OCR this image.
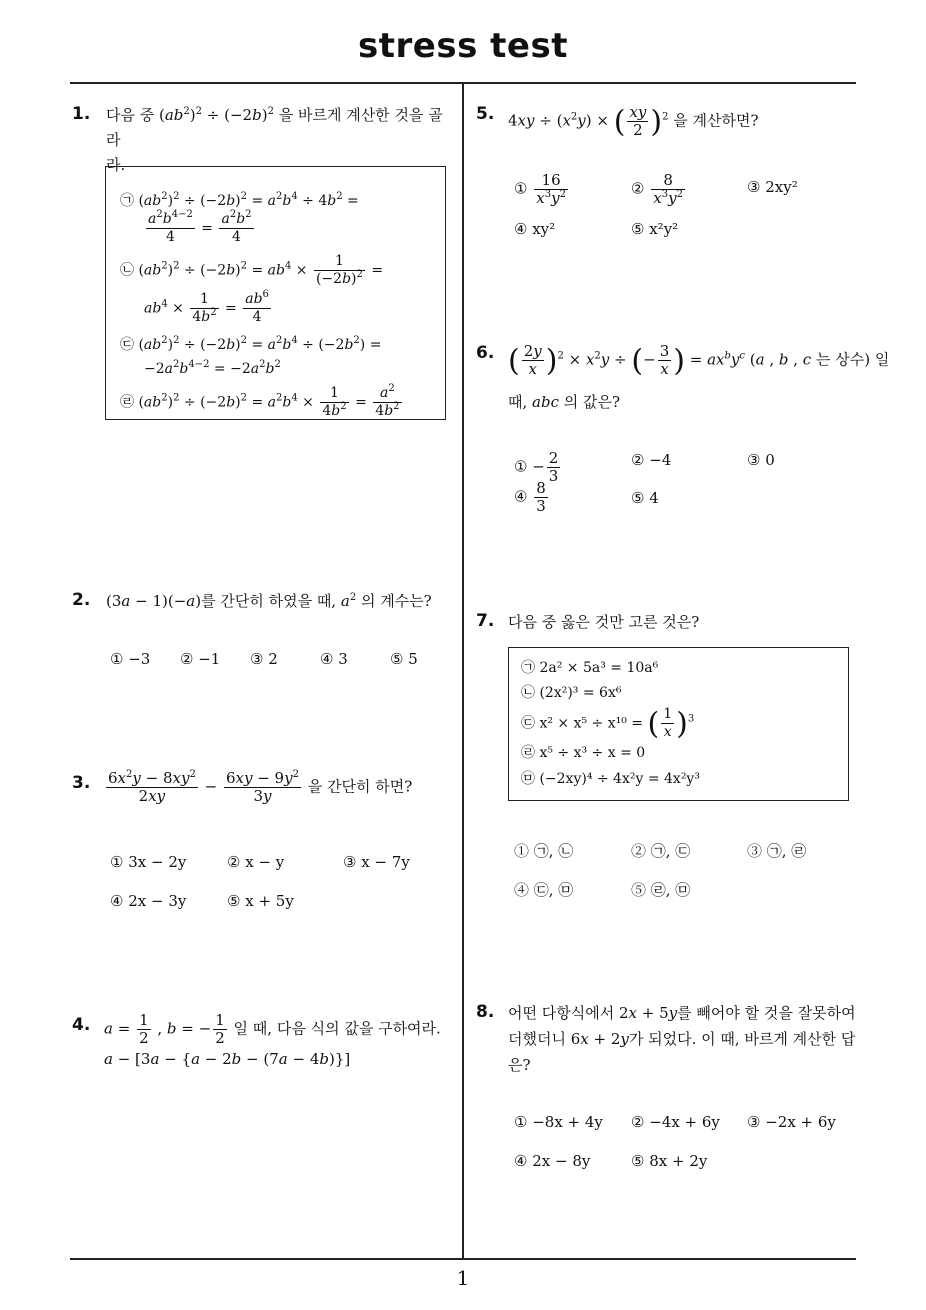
stress test
1
1. 다음 중 $(ab^2)^2 \div (-2b)^2$ 을 바르게 계산한 것을 골라
라.
㉠ $(ab^2)^2 \div (-2b)^2 = a^2b^4 \div 4b^2$ =
$\frac{a^2b^{4-2}}{4} = \frac{a^2b^2}{4}$
㉡ $(ab^2)^2 \div (-2b)^2 = ab^4 \times \frac{1}{(-2b)^2}$ =
$ab^4 \times \frac{1}{4b^2} = \frac{ab^6}{4}$
㉢ $(ab^2)^2 \div (-2b)^2 = a^2b^4 \div (-2b^2)$ =
$-2a^2b^{4-2} = -2a^2b^2$
㉣ $(ab^2)^2 \div (-2b)^2 = a^2b^4 \times \frac{1}{4b^2} = \frac{a^2}{4b^2}$
2. (3a − 1)(−a)를 간단히 하였을 때, $a^2$ 의 계수는?
① −3 ② −1 ③ 2	④ 3	⑤ 5
3. $\frac{6x^2y - 8xy^2}{2xy} - \frac{6xy - 9y^2}{3y}$ 을 간단히 하면?
① 3x − 2y	② x − y	③ x − 7y
④ 2x − 3y	⑤ x + 5y
4. $a = \frac{1}{2}$ , b = − $\frac{1}{2}$ 일 때, 다음 식의 값을 구하여라.
a − [3a − {a − 2b − (7a − 4b)}]
5. $4xy \div (x^2y)$ × ( $\frac{xy}{2} )^2$ 을 계산하면?
① $\frac{16}{x^3y^2}$	② $\frac{8}{x^3y^2}$	③ 2xy²
④ xy²	⑤ x²y²
6. ( $\frac{2y}{x} )^2 \times x^2y$ ÷ (− $\frac{3}{x}$ ) = $ax^by^c$ (a , b , c 는 상수) 일
때, abc 의 값은?
① − $\frac{2}{3}$	② −4	③ 0
④ $\frac{8}{3}$	⑤ 4
7. 다음 중 옳은 것만 고른 것은?
㉠ 2a² × 5a³ = 10a⁶
㉡ (2x²)³ = 6x⁶
㉢ x² × x⁵ ÷ x¹⁰ = ( $\frac{1}{x} )^3$
㉣ x⁵ ÷ x³ ÷ x = 0
㉤ (−2xy)⁴ ÷ 4x²y = 4x²y³
① ㉠, ㉡	② ㉠, ㉢	③ ㉠, ㉣
④ ㉢, ㉤	⑤ ㉣, ㉤
8. 어떤 다항식에서 2x + 5y를 빼어야 할 것을 잘못하여
더했더니 6x + 2y가 되었다. 이 때, 바르게 계산한 답
은?
① −8x + 4y ② −4x + 6y ③ −2x + 6y
④ 2x − 8y	⑤ 8x + 2y
